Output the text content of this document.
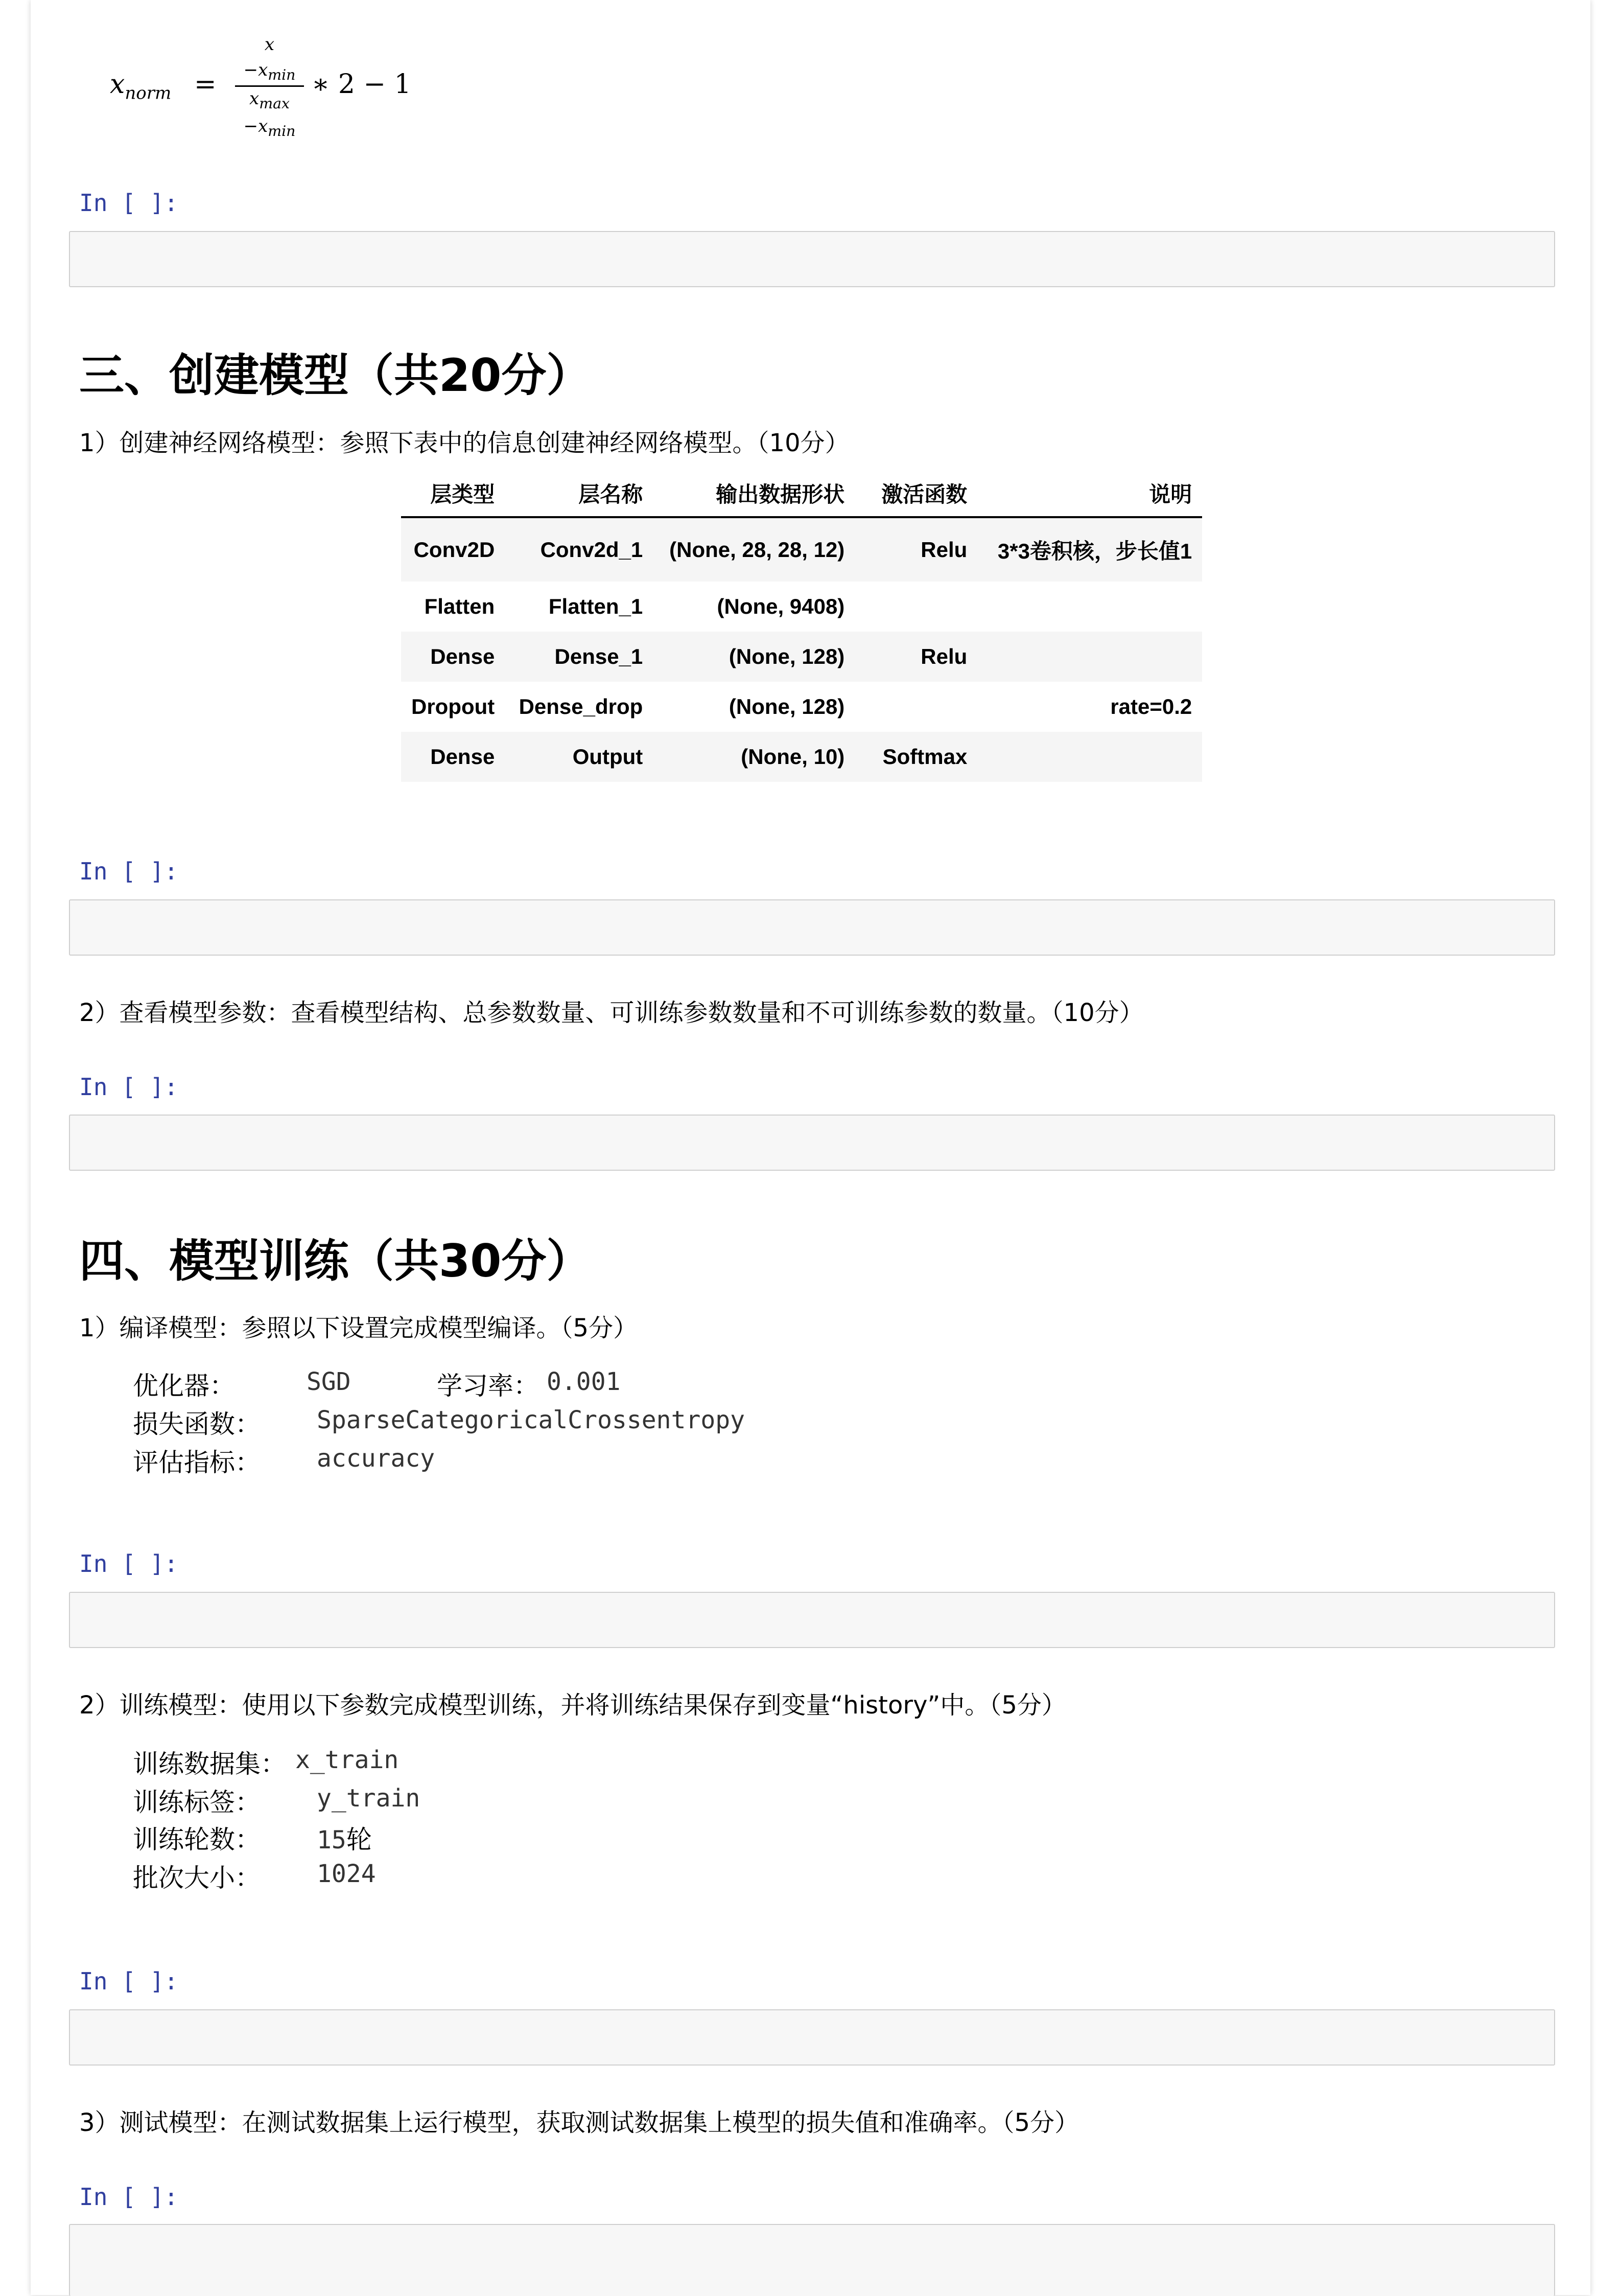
$x_{norm}$ =
x
$-x_{min}$
$x_{max}$
$-x_{min}$
∗ 2 − 1
In [ ]:
三、创建模型（共20分）
1）创建神经网络模型：参照下表中的信息创建神经网络模型。（10分）
层类型	层名称	输出数据形状	激活函数	说明
Conv2D	Conv2d_1	(None, 28, 28, 12)	Relu	3*3卷积核，步长值1
Flatten	Flatten_1	(None, 9408)		
Dense	Dense_1	(None, 128)	Relu	
Dropout	Dense_drop	(None, 128)		rate=0.2
Dense	Output	(None, 10)	Softmax	
In [ ]:
2）查看模型参数：查看模型结构、总参数数量、可训练参数数量和不可训练参数的数量。（10分）
In [ ]:
四、模型训练（共30分）
1）编译模型：参照以下设置完成模型编译。（5分）
优化器：	SGD	学习率： 0.001
损失函数： SparseCategoricalCrossentropy
评估指标： accuracy
In [ ]:
2）训练模型：使用以下参数完成模型训练，并将训练结果保存到变量“history”中。（5分）
训练数据集： x_train
训练标签： y_train
训练轮数： 15轮
批次大小： 1024
In [ ]:
3）测试模型：在测试数据集上运行模型，获取测试数据集上模型的损失值和准确率。（5分）
In [ ]:
